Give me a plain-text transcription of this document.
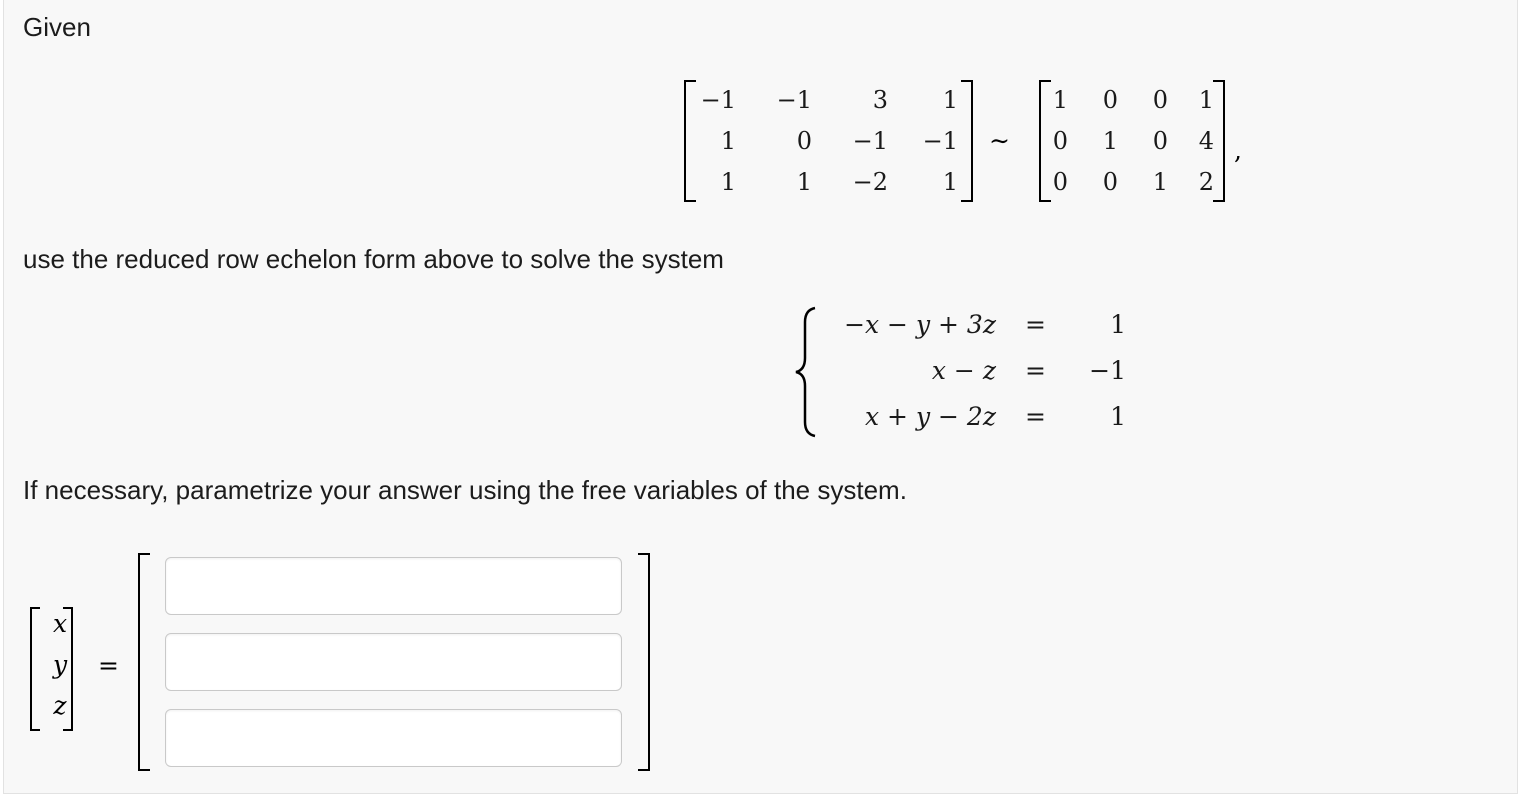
Given
−1 −1	3 1
1	0 −1 −1
1	1 −2 1
∼
1 0 0 1
0 1 0 4
0 0 1 2
,
use the reduced row echelon form above to solve the system
−x − y + 3z =	1
x − z =	−1
x + y − 2z =	1
If necessary, parametrize your answer using the free variables of the system.
x
y
z
=
